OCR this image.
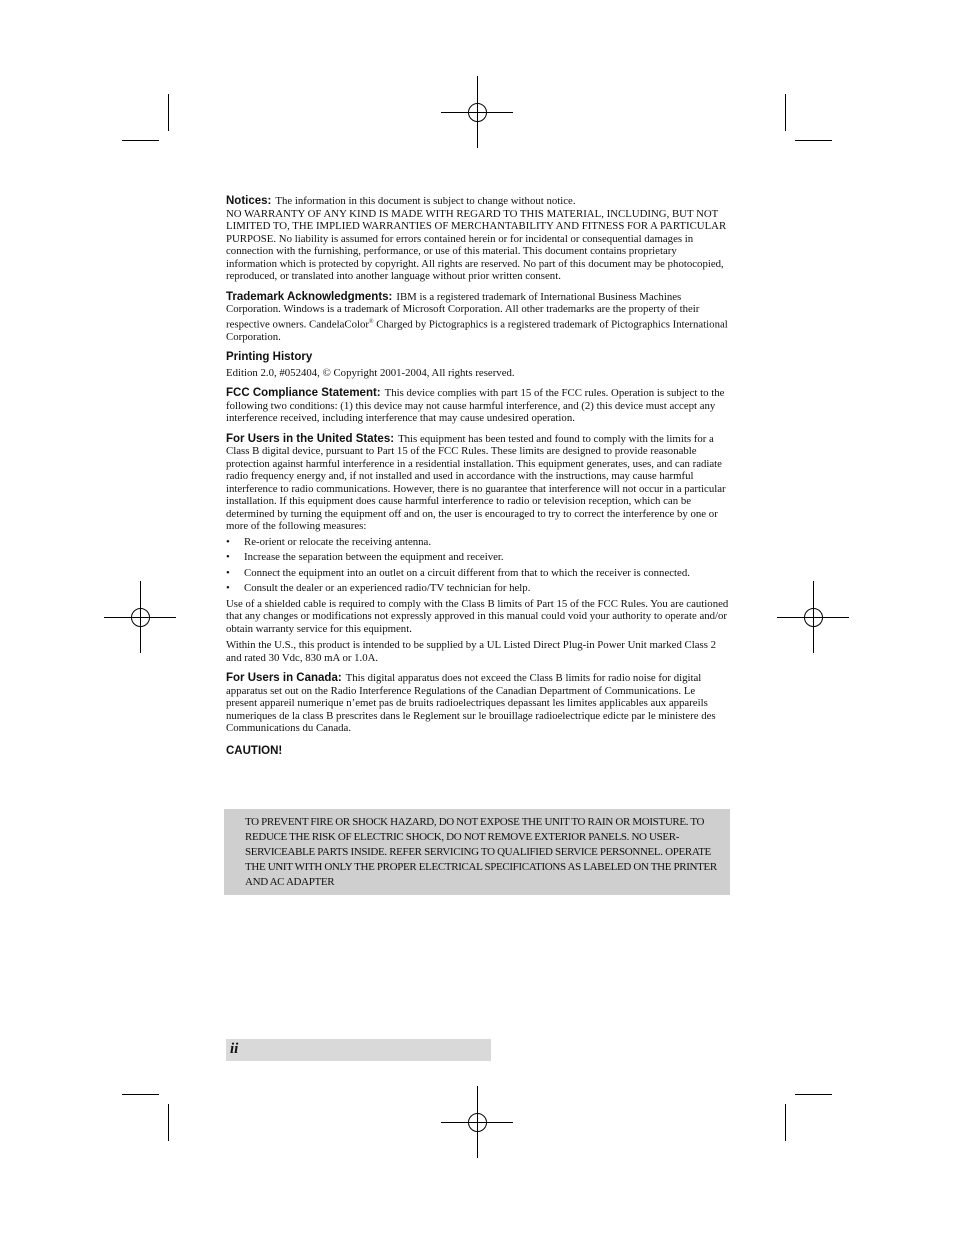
Notices: The information in this document is subject to change without notice.

NO WARRANTY OF ANY KIND IS MADE WITH REGARD TO THIS MATERIAL, INCLUDING, BUT NOT LIMITED TO, THE IMPLIED WARRANTIES OF MERCHANTABILITY AND FITNESS FOR A PARTICULAR PURPOSE. No liability is assumed for errors contained herein or for incidental or consequential damages in connection with the furnishing, performance, or use of this material. This document contains proprietary information which is protected by copyright. All rights are reserved. No part of this document may be photocopied, reproduced, or translated into another language without prior written consent.

Trademark Acknowledgments: IBM is a registered trademark of International Business Machines Corporation. Windows is a trademark of Microsoft Corporation. All other trademarks are the property of their respective owners. CandelaColor® Charged by Pictographics is a registered trademark of Pictographics International Corporation.

Printing History

Edition 2.0, #052404, © Copyright 2001-2004, All rights reserved.

FCC Compliance Statement: This device complies with part 15 of the FCC rules. Operation is subject to the following two conditions: (1) this device may not cause harmful interference, and (2) this device must accept any interference received, including interference that may cause undesired operation.

For Users in the United States: This equipment has been tested and found to comply with the limits for a Class B digital device, pursuant to Part 15 of the FCC Rules. These limits are designed to provide reasonable protection against harmful interference in a residential installation. This equipment generates, uses, and can radiate radio frequency energy and, if not installed and used in accordance with the instructions, may cause harmful interference to radio communications. However, there is no guarantee that interference will not occur in a particular installation. If this equipment does cause harmful interference to radio or television reception, which can be determined by turning the equipment off and on, the user is encouraged to try to correct the interference by one or more of the following measures:

• Re-orient or relocate the receiving antenna.
• Increase the separation between the equipment and receiver.
• Connect the equipment into an outlet on a circuit different from that to which the receiver is connected.
• Consult the dealer or an experienced radio/TV technician for help.

Use of a shielded cable is required to comply with the Class B limits of Part 15 of the FCC Rules. You are cautioned that any changes or modifications not expressly approved in this manual could void your authority to operate and/or obtain warranty service for this equipment.

Within the U.S., this product is intended to be supplied by a UL Listed Direct Plug-in Power Unit marked Class 2 and rated 30 Vdc, 830 mA or 1.0A.

For Users in Canada: This digital apparatus does not exceed the Class B limits for radio noise for digital apparatus set out on the Radio Interference Regulations of the Canadian Department of Communications. Le present appareil numerique n’emet pas de bruits radioelectriques depassant les limites applicables aux appareils numeriques de la class B prescrites dans le Reglement sur le brouillage radioelectrique edicte par le ministere des Communications du Canada.

CAUTION!
TO PREVENT FIRE OR SHOCK HAZARD, DO NOT EXPOSE THE UNIT TO RAIN OR MOISTURE. TO REDUCE THE RISK OF ELECTRIC SHOCK, DO NOT REMOVE EXTERIOR PANELS. NO USER-SERVICEABLE PARTS INSIDE. REFER SERVICING TO QUALIFIED SERVICE PERSONNEL. OPERATE THE UNIT WITH ONLY THE PROPER ELECTRICAL SPECIFICATIONS AS LABELED ON THE PRINTER AND AC ADAPTER
ii
